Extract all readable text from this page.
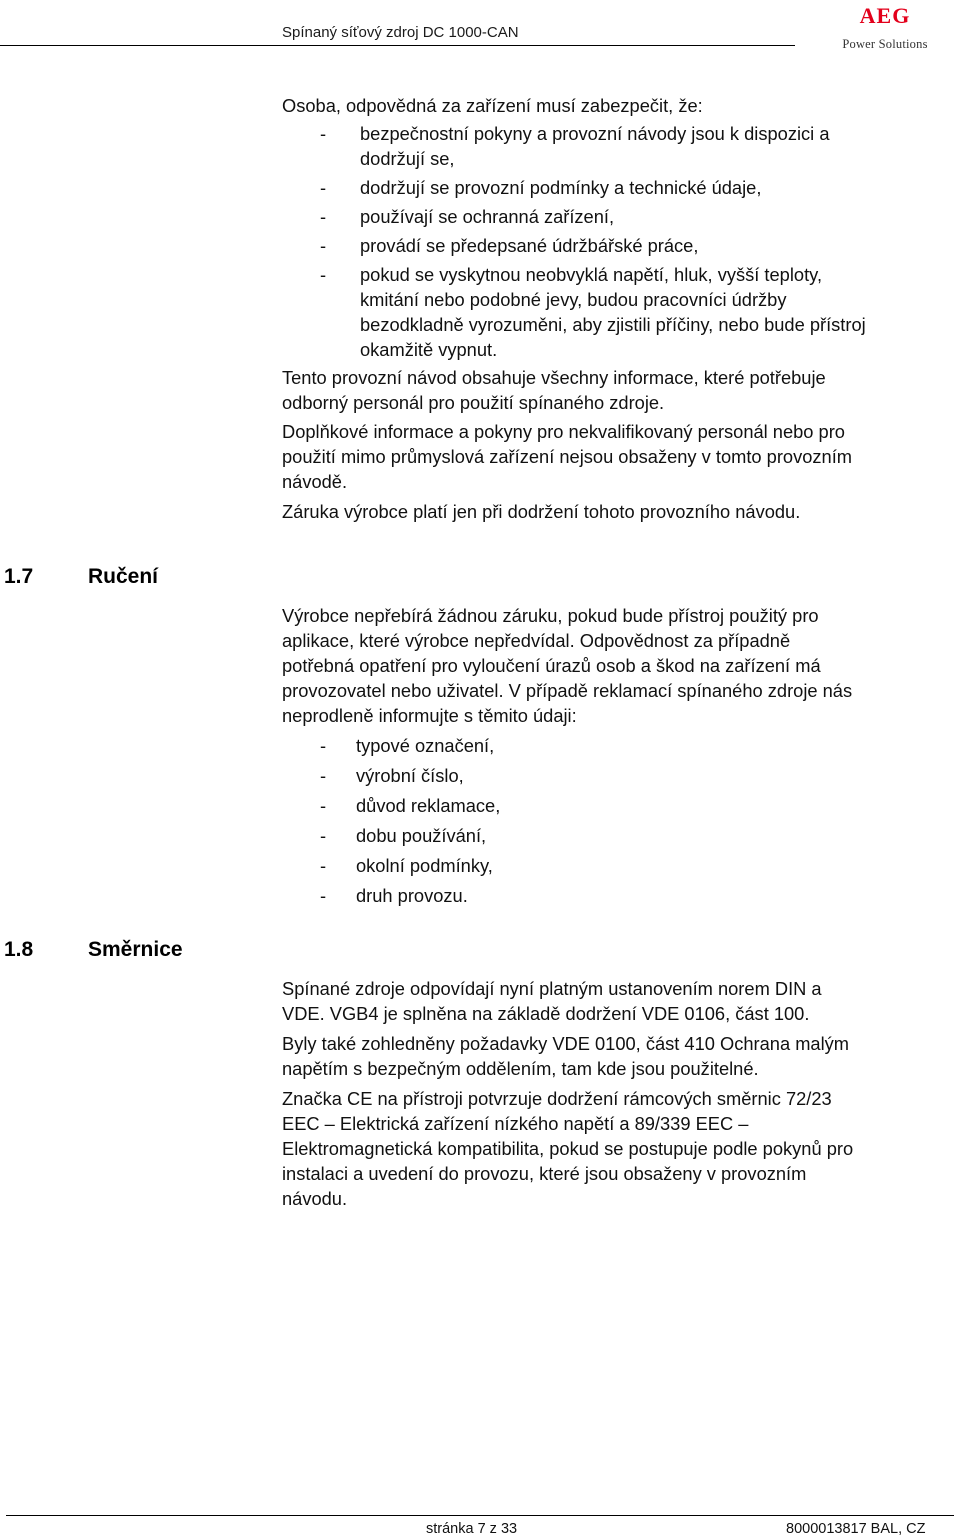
Spínaný síťový zdroj DC 1000-CAN
AEG
Power Solutions

Osoba, odpovědná za zařízení musí zabezpečit, že:

-	bezpečnostní pokyny a provozní návody jsou k dispozici a
dodržují se,
-	dodržují se provozní podmínky a technické údaje,
-	používají se ochranná zařízení,
-	provádí se předepsané údržbářské práce,
-	pokud se vyskytnou neobvyklá napětí, hluk, vyšší teploty,
kmitání nebo podobné jevy, budou pracovníci údržby
bezodkladně vyrozuměni, aby zjistili příčiny, nebo bude přístroj
okamžitě vypnut.
Tento provozní návod obsahuje všechny informace, které potřebuje
odborný personál pro použití spínaného zdroje.
Doplňkové informace a pokyny pro nekvalifikovaný personál nebo pro
použití mimo průmyslová zařízení nejsou obsaženy v tomto provozním
návodě.
Záruka výrobce platí jen při dodržení tohoto provozního návodu.
1.7	Ručení
Výrobce nepřebírá žádnou záruku, pokud bude přístroj použitý pro
aplikace, které výrobce nepředvídal. Odpovědnost za případně
potřebná opatření pro vyloučení úrazů osob a škod na zařízení má
provozovatel nebo uživatel. V případě reklamací spínaného zdroje nás
neprodleně informujte s těmito údaji:
-	typové označení,
-	výrobní číslo,
-	důvod reklamace,
-	dobu používání,
-	okolní podmínky,
-	druh provozu.
1.8	Směrnice
Spínané zdroje odpovídají nyní platným ustanovením norem DIN a
VDE. VGB4 je splněna na základě dodržení VDE 0106, část 100.
Byly také zohledněny požadavky VDE 0100, část 410 Ochrana malým
napětím s bezpečným oddělením, tam kde jsou použitelné.
Značka CE na přístroji potvrzuje dodržení rámcových směrnic 72/23
EEC – Elektrická zařízení nízkého napětí a 89/339 EEC –
Elektromagnetická kompatibilita, pokud se postupuje podle pokynů pro
instalaci a uvedení do provozu, které jsou obsaženy v provozním
návodu.
stránka 7 z 33	8000013817 BAL, CZ
